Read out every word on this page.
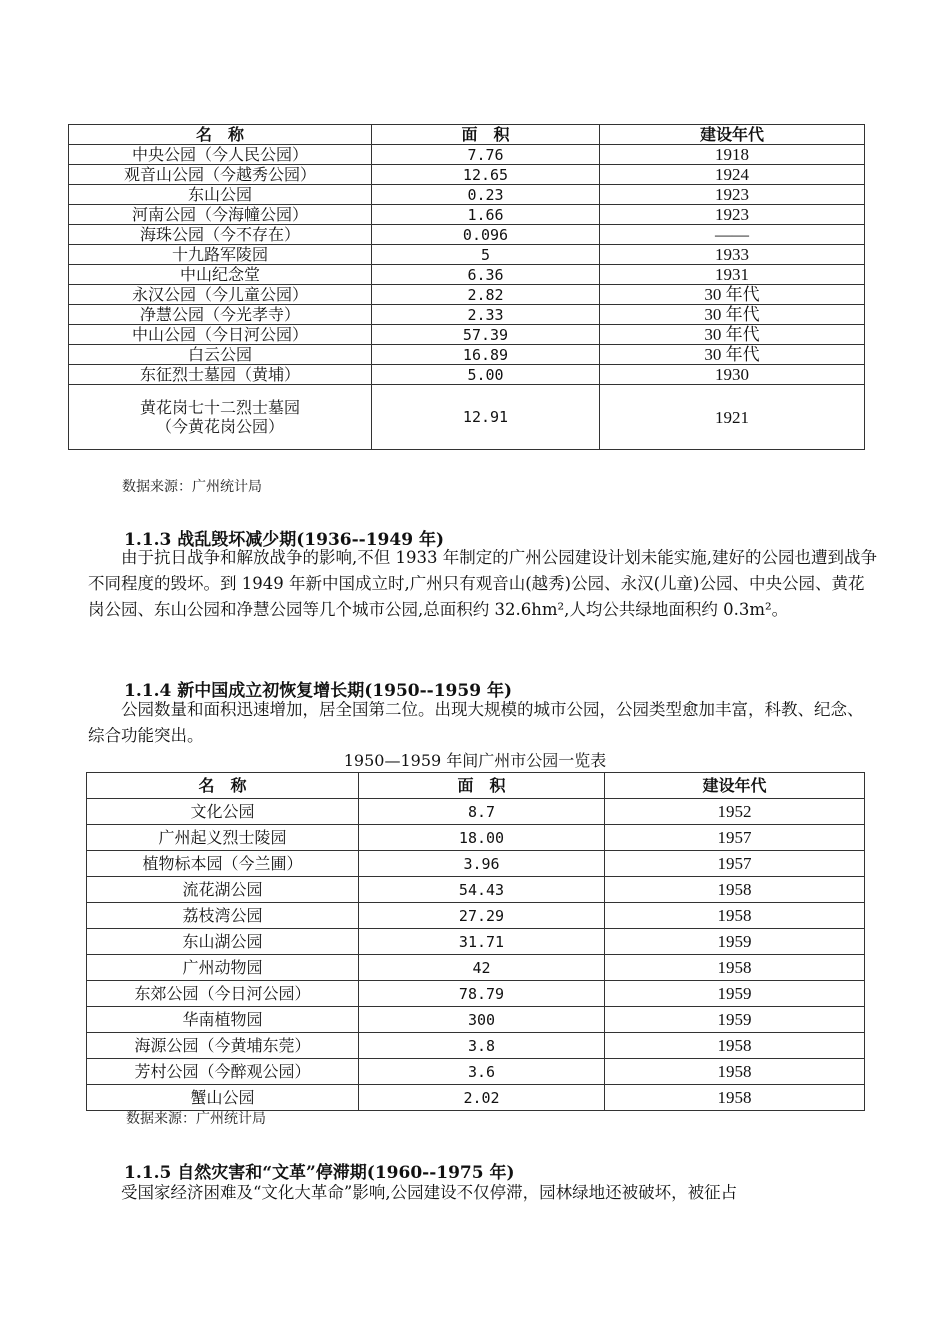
名　称	面　积	建设年代
中央公园（今人民公园）	7.76	1918
观音山公园（今越秀公园）	12.65	1924
东山公园	0.23	1923
河南公园（今海幢公园）	1.66	1923
海珠公园（今不存在）	0.096	——
十九路军陵园	5	1933
中山纪念堂	6.36	1931
永汉公园（今儿童公园）	2.82	30 年代
净慧公园（今光孝寺）	2.33	30 年代
中山公园（今日河公园）	57.39	30 年代
白云公园	16.89	30 年代
东征烈士墓园（黄埔）	5.00	1930

黄花岗七十二烈士墓园
（今黄花岗公园）	12.91	1921
数据来源：广州统计局
1.1.3 战乱毁坏减少期(1936--1949 年)
　　由于抗日战争和解放战争的影响,不但 1933 年制定的广州公园建设计划未能实施,建好的公园也遭到战争不同程度的毁坏。到 1949 年新中国成立时,广州只有观音山(越秀)公园、永汉(儿童)公园、中央公园、黄花岗公园、东山公园和净慧公园等几个城市公园,总面积约 32.6hm²,人均公共绿地面积约 0.3m²。
1.1.4 新中国成立初恢复增长期(1950--1959 年)
　　公园数量和面积迅速增加，居全国第二位。出现大规模的城市公园，公园类型愈加丰富，科教、纪念、综合功能突出。
1950—1959 年间广州市公园一览表
名　称	面　积	建设年代
文化公园	8.7	1952
广州起义烈士陵园	18.00	1957
植物标本园（今兰圃）	3.96	1957
流花湖公园	54.43	1958
荔枝湾公园	27.29	1958
东山湖公园	31.71	1959
广州动物园	42	1958
东郊公园（今日河公园）	78.79	1959
华南植物园	300	1959
海源公园（今黄埔东莞）	3.8	1958
芳村公园（今醉观公园）	3.6	1958
蟹山公园	2.02	1958
数据来源：广州统计局
1.1.5 自然灾害和“文革”停滞期(1960--1975 年)
　　受国家经济困难及“文化大革命”影响,公园建设不仅停滞，园林绿地还被破坏，被征占
